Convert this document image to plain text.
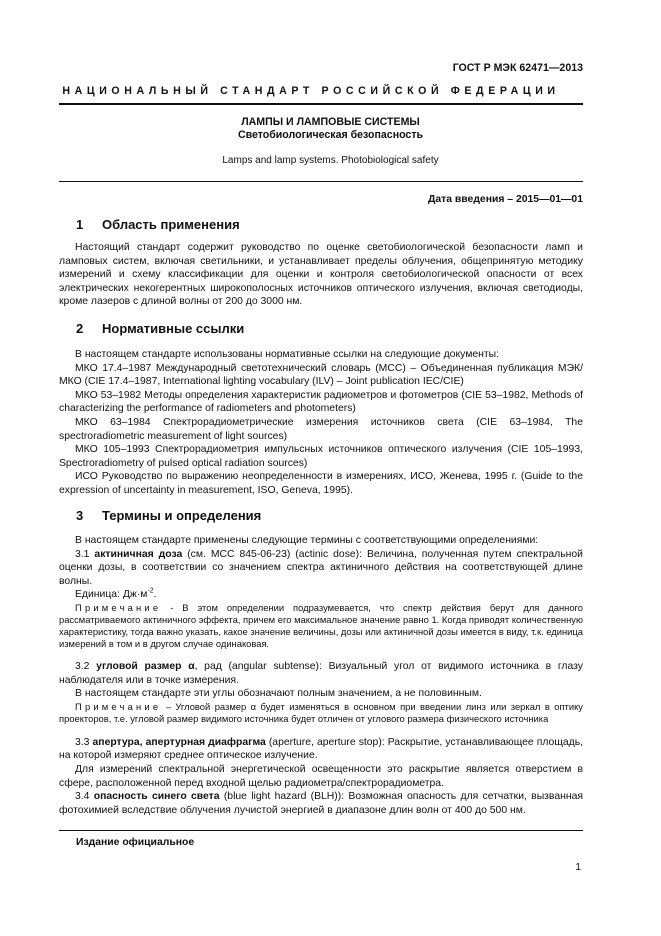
ГОСТ Р МЭК 62471—2013
НАЦИОНАЛЬНЫЙ СТАНДАРТ РОССИЙСКОЙ ФЕДЕРАЦИИ
ЛАМПЫ И ЛАМПОВЫЕ СИСТЕМЫ
Светобиологическая безопасность
Lamps and lamp systems. Photobiological safety
Дата введения – 2015—01—01
1 Область применения

Настоящий стандарт содержит руководство по оценке светобиологической безопасности ламп и ламповых систем, включая светильники, и устанавливает пределы облучения, общепринятую методику измерений и схему классификации для оценки и контроля светобиологической опасности от всех электрических некогерентных широкополосных источников оптического излучения, включая светодиоды, кроме лазеров с длиной волны от 200 до 3000 нм.

2 Нормативные ссылки

В настоящем стандарте использованы нормативные ссылки на следующие документы:

МКО 17.4–1987 Международный светотехнический словарь (МСС) – Объединенная публикация МЭК/МКО (CIE 17.4–1987, International lighting vocabulary (ILV) – Joint publication IEC/CIE)

МКО 53–1982 Методы определения характеристик радиометров и фотометров (CIE 53–1982, Methods of characterizing the performance of radiometers and photometers)

МКО 63–1984 Спектрорадиометрические измерения источников света (CIE 63–1984, The spectroradiometric measurement of light sources)

МКО 105–1993 Спектрорадиометрия импульсных источников оптического излучения (CIE 105–1993, Spectroradiometry of pulsed optical radiation sources)

ИСО Руководство по выражению неопределенности в измерениях, ИСО, Женева, 1995 г. (Guide to the expression of uncertainty in measurement, ISO, Geneva, 1995).

3 Термины и определения

В настоящем стандарте применены следующие термины с соответствующими определениями:

3.1 актиничная доза (см. МСС 845-06-23) (actinic dose): Величина, полученная путем спектральной оценки дозы, в соответствии со значением спектра актиничного действия на соответствующей длине волны.

Единица: $Дж\cdot м^{-2}$.

Примечание - В этом определении подразумевается, что спектр действия берут для данного рассматриваемого актиничного эффекта, причем его максимальное значение равно 1. Когда приводят количественную характеристику, тогда важно указать, какое значение величины, дозы или актиничной дозы имеется в виду, т.к. единица измерений в том и в другом случае одинаковая.

3.2 угловой размер α, рад (angular subtense): Визуальный угол от видимого источника в глазу наблюдателя или в точке измерения.

В настоящем стандарте эти углы обозначают полным значением, а не половинным.

Примечание – Угловой размер α будет изменяться в основном при введении линз или зеркал в оптику проекторов, т.е. угловой размер видимого источника будет отличен от углового размера физического источника

3.3 апертура, апертурная диафрагма (aperture, aperture stop): Раскрытие, устанавливающее площадь, на которой измеряют среднее оптическое излучение.

Для измерений спектральной энергетической освещенности это раскрытие является отверстием в сфере, расположенной перед входной щелью радиометра/спектрорадиометра.

3.4 опасность синего света (blue light hazard (BLH)): Возможная опасность для сетчатки, вызванная фотохимией вследствие облучения лучистой энергией в диапазоне длин волн от 400 до 500 нм.

Издание официальное
1
